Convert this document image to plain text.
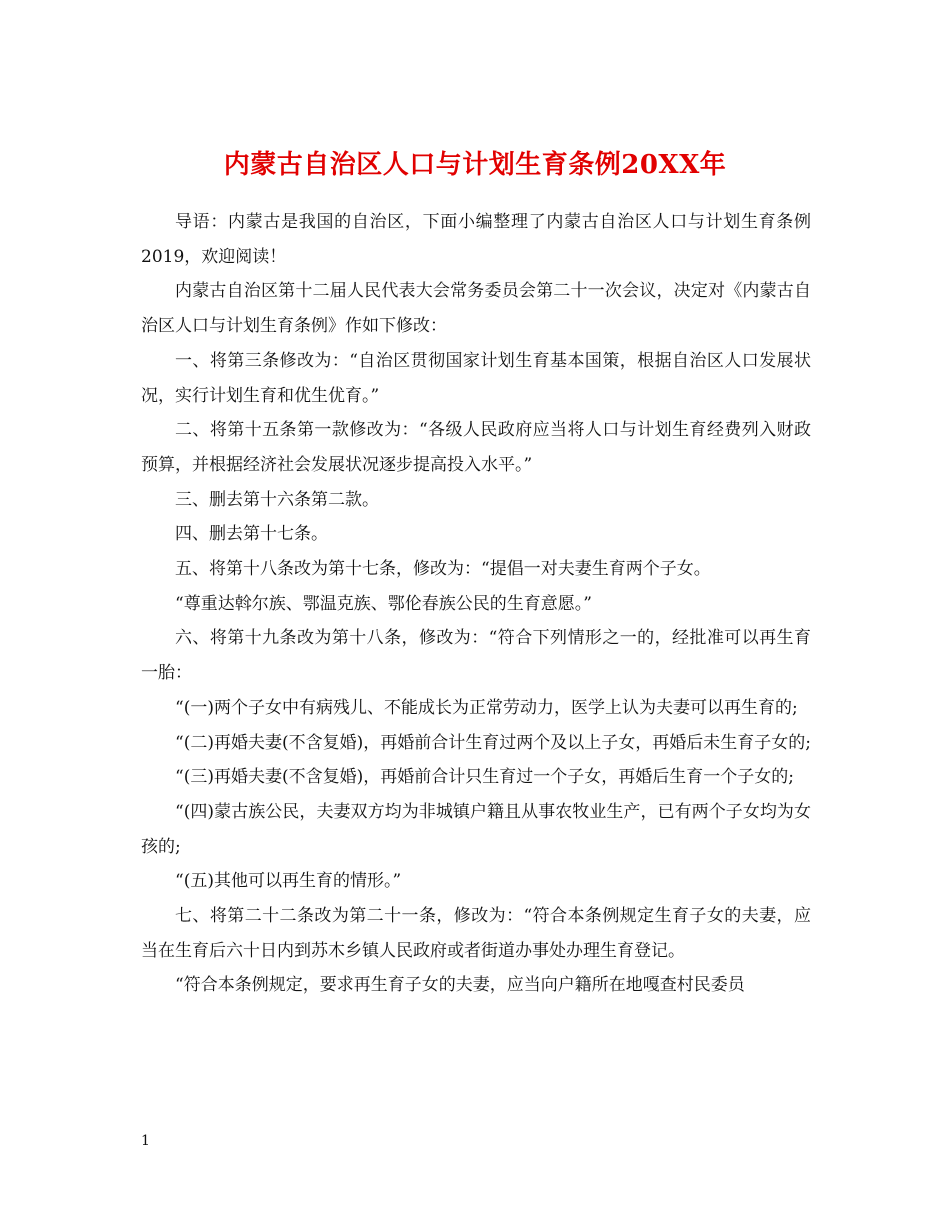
内蒙古自治区人口与计划生育条例20XX年

导语：内蒙古是我国的自治区，下面小编整理了内蒙古自治区人口与计划生育条例2019，欢迎阅读！

内蒙古自治区第十二届人民代表大会常务委员会第二十一次会议，决定对《内蒙古自治区人口与计划生育条例》作如下修改：

一、将第三条修改为：“自治区贯彻国家计划生育基本国策，根据自治区人口发展状况，实行计划生育和优生优育。”

二、将第十五条第一款修改为：“各级人民政府应当将人口与计划生育经费列入财政预算，并根据经济社会发展状况逐步提高投入水平。”

三、删去第十六条第二款。

四、删去第十七条。

五、将第十八条改为第十七条，修改为：“提倡一对夫妻生育两个子女。

“尊重达斡尔族、鄂温克族、鄂伦春族公民的生育意愿。”

六、将第十九条改为第十八条，修改为：“符合下列情形之一的，经批准可以再生育一胎：

“(一)两个子女中有病残儿、不能成长为正常劳动力，医学上认为夫妻可以再生育的;

“(二)再婚夫妻(不含复婚)，再婚前合计生育过两个及以上子女，再婚后未生育子女的;

“(三)再婚夫妻(不含复婚)，再婚前合计只生育过一个子女，再婚后生育一个子女的;

“(四)蒙古族公民，夫妻双方均为非城镇户籍且从事农牧业生产，已有两个子女均为女孩的;

“(五)其他可以再生育的情形。”

七、将第二十二条改为第二十一条，修改为：“符合本条例规定生育子女的夫妻，应当在生育后六十日内到苏木乡镇人民政府或者街道办事处办理生育登记。

“符合本条例规定，要求再生育子女的夫妻，应当向户籍所在地嘎查村民委员

1
